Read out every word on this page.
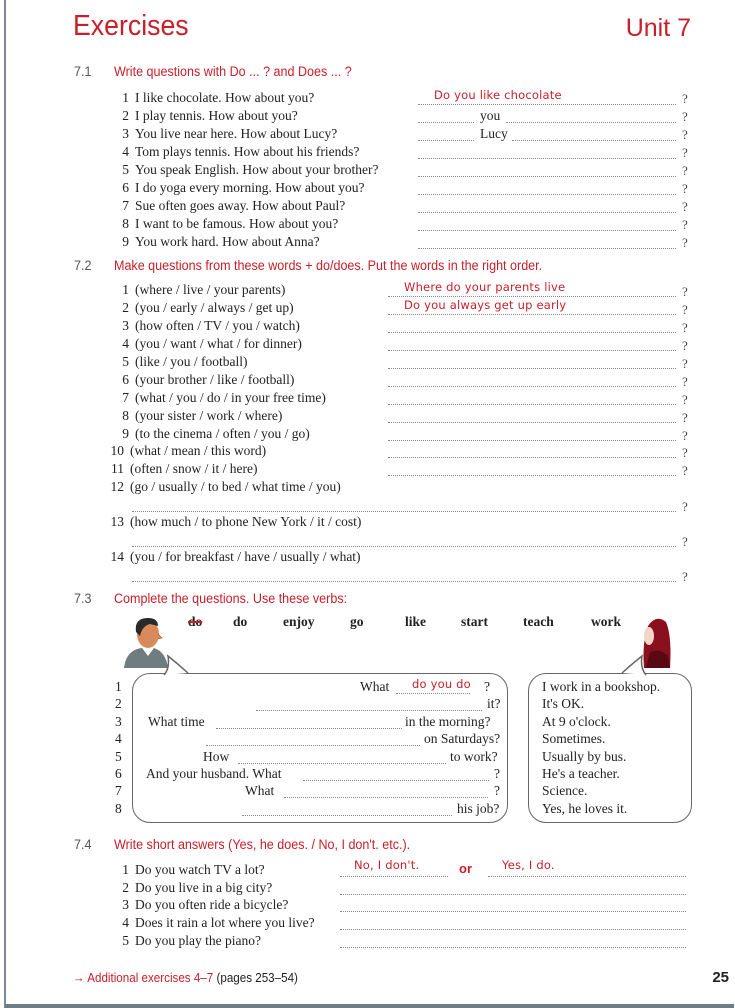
Exercises	Unit 7
7.1 Write questions with Do ... ? and Does ... ?
1 I like chocolate. How about you?	Do you like chocolate	?
2 I play tennis. How about you?	you	?
3 You live near here. How about Lucy?	Lucy	?
4 Tom plays tennis. How about his friends?	?
5 You speak English. How about your brother?	?
6 I do yoga every morning. How about you?	?
7 Sue often goes away. How about Paul?	?
8 I want to be famous. How about you?	?
9 You work hard. How about Anna?	?
7.2 Make questions from these words + do/does. Put the words in the right order.
1 (where / live / your parents)	Where do your parents live	?
2 (you / early / always / get up)	Do you always get up early	?
3 (how often / TV / you / watch)	?
4 (you / want / what / for dinner)	?
5 (like / you / football)	?
6 (your brother / like / football)	?
7 (what / you / do / in your free time)	?
8 (your sister / work / where)	?
9 (to the cinema / often / you / go)	?
10 (what / mean / this word)	?
11 (often / snow / it / here)	?
12 (go / usually / to bed / what time / you)
?
13 (how much / to phone New York / it / cost)
?
14 (you / for breakfast / have / usually / what)
?
7.3 Complete the questions. Use these verbs:
do do	enjoy	go	like	start	teach	work
1	What do you do ?
2	it?
3 What time	in the morning?
4	on Saturdays?
5	How	to work?
6 And your husband. What	?
7	What	?
8	his job?
I work in a bookshop.
It's OK.
At 9 o'clock.
Sometimes.
Usually by bus.
He's a teacher.
Science.
Yes, he loves it.
7.4 Write short answers (Yes, he does. / No, I don't. etc.).
1 Do you watch TV a lot?	No, I don't.	or	Yes, I do.
2 Do you live in a big city?
3 Do you often ride a bicycle?
4 Does it rain a lot where you live?
5 Do you play the piano?
→ Additional exercises 4–7 (pages 253–54)	25
